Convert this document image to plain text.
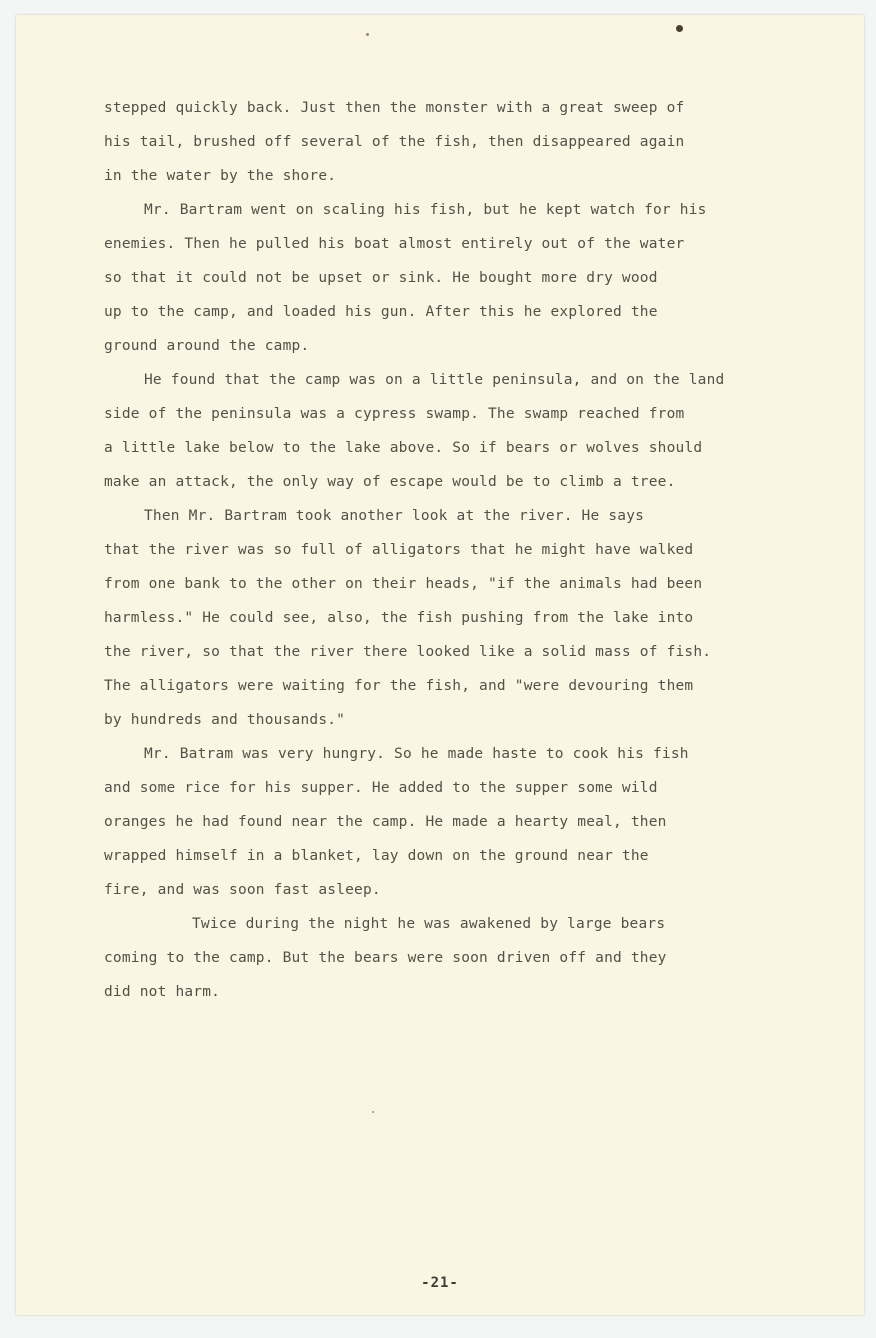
stepped quickly back. Just then the monster with a great sweep of
his tail, brushed off several of the fish, then disappeared again
in the water by the shore.

Mr. Bartram went on scaling his fish, but he kept watch for his
enemies. Then he pulled his boat almost entirely out of the water
so that it could not be upset or sink. He bought more dry wood
up to the camp, and loaded his gun. After this he explored the
ground around the camp.

He found that the camp was on a little peninsula, and on the land
side of the peninsula was a cypress swamp. The swamp reached from
a little lake below to the lake above. So if bears or wolves should
make an attack, the only way of escape would be to climb a tree.

Then Mr. Bartram took another look at the river. He says
that the river was so full of alligators that he might have walked
from one bank to the other on their heads, "if the animals had been
harmless." He could see, also, the fish pushing from the lake into
the river, so that the river there looked like a solid mass of fish.
The alligators were waiting for the fish, and "were devouring them
by hundreds and thousands."

Mr. Batram was very hungry. So he made haste to cook his fish
and some rice for his supper. He added to the supper some wild
oranges he had found near the camp. He made a hearty meal, then
wrapped himself in a blanket, lay down on the ground near the
fire, and was soon fast asleep.

Twice during the night he was awakened by large bears
coming to the camp. But the bears were soon driven off and they
did not harm.

-21-
